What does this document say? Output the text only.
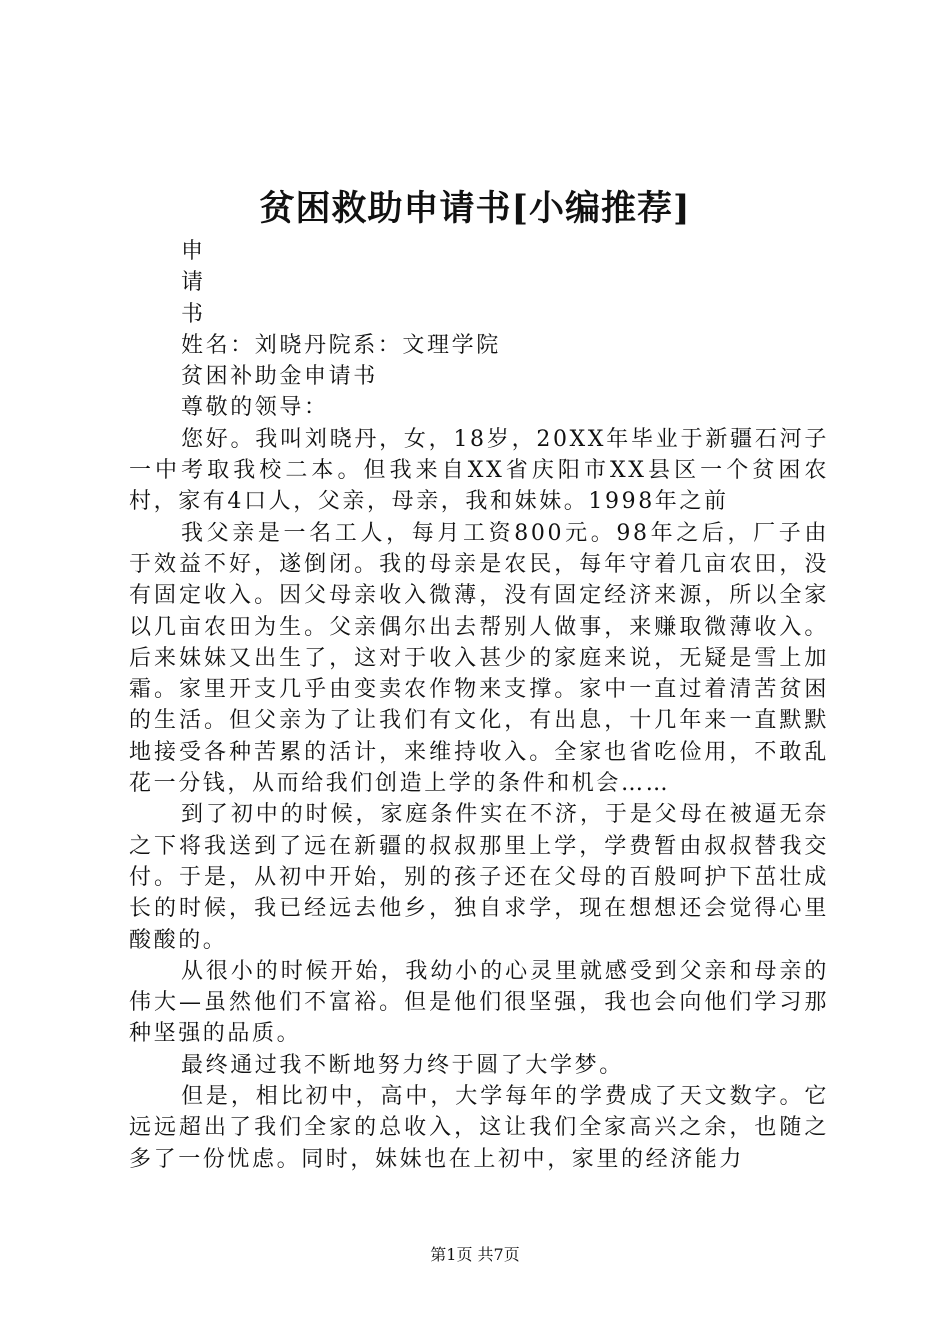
贫困救助申请书[小编推荐]
申
请
书
姓名：刘晓丹院系：文理学院
贫困补助金申请书
尊敬的领导：

您好。我叫刘晓丹，女，18岁，20XX年毕业于新疆石河子一中考取我校二本。但我来自XX省庆阳市XX县区一个贫困农村，家有4口人，父亲，母亲，我和妹妹。1998年之前

我父亲是一名工人，每月工资800元。98年之后，厂子由于效益不好，遂倒闭。我的母亲是农民，每年守着几亩农田，没有固定收入。因父母亲收入微薄，没有固定经济来源，所以全家以几亩农田为生。父亲偶尔出去帮别人做事，来赚取微薄收入。后来妹妹又出生了，这对于收入甚少的家庭来说，无疑是雪上加霜。家里开支几乎由变卖农作物来支撑。家中一直过着清苦贫困的生活。但父亲为了让我们有文化，有出息，十几年来一直默默地接受各种苦累的活计，来维持收入。全家也省吃俭用，不敢乱花一分钱，从而给我们创造上学的条件和机会……

到了初中的时候，家庭条件实在不济，于是父母在被逼无奈之下将我送到了远在新疆的叔叔那里上学，学费暂由叔叔替我交付。于是，从初中开始，别的孩子还在父母的百般呵护下茁壮成长的时候，我已经远去他乡，独自求学，现在想想还会觉得心里酸酸的。

从很小的时候开始，我幼小的心灵里就感受到父亲和母亲的伟大—虽然他们不富裕。但是他们很坚强，我也会向他们学习那种坚强的品质。

最终通过我不断地努力终于圆了大学梦。

但是，相比初中，高中，大学每年的学费成了天文数字。它远远超出了我们全家的总收入，这让我们全家高兴之余，也随之多了一份忧虑。同时，妹妹也在上初中，家里的经济能力

第1页 共7页
